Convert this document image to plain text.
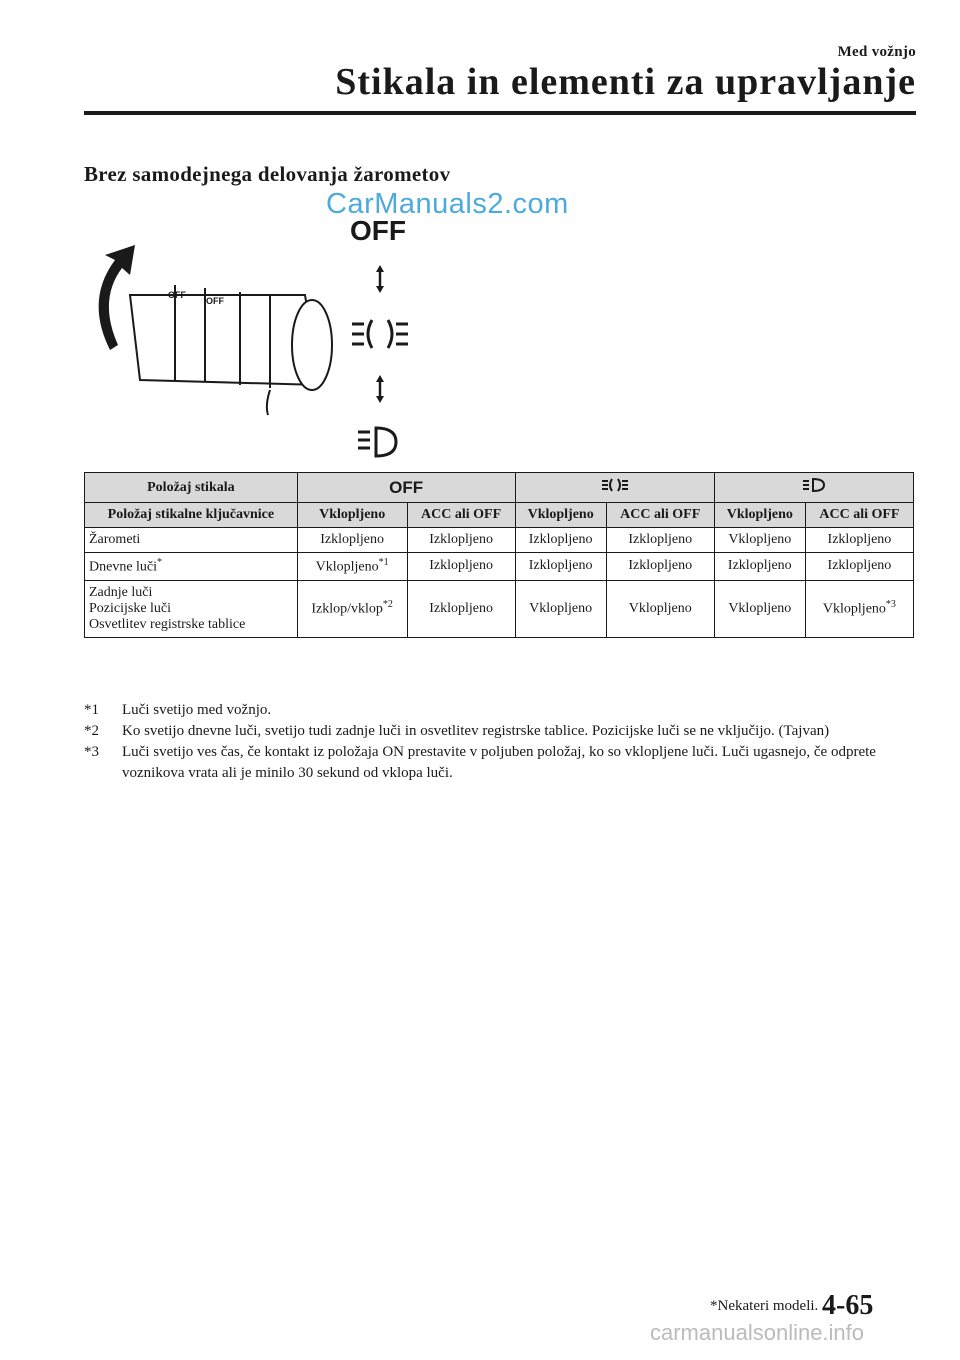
Med vožnjo
Stikala in elementi za upravljanje
Brez samodejnega delovanja žarometov
CarManuals2.com
OFF
OFF
OFF
Položaj stikala	OFF		
Položaj stikalne ključavnice	Vklopljeno	ACC ali OFF	Vklopljeno	ACC ali OFF	Vklopljeno	ACC ali OFF
Žarometi	Izklopljeno	Izklopljeno	Izklopljeno	Izklopljeno	Vklopljeno	Izklopljeno
Dnevne luči*	Vklopljeno$^{*1}$	Izklopljeno	Izklopljeno	Izklopljeno	Izklopljeno	Izklopljeno

Zadnje luči
Pozicijske luči
Osvetlitev registrske tablice	Izklop/vklop$^{*2}$	Izklopljeno	Vklopljeno	Vklopljeno	Vklopljeno	Vklopljeno$^{*3}$
*1	Luči svetijo med vožnjo.
*2	Ko svetijo dnevne luči, svetijo tudi zadnje luči in osvetlitev registrske tablice. Pozicijske luči se ne vključijo. (Tajvan)
*3	Luči svetijo ves čas, če kontakt iz položaja ON prestavite v poljuben položaj, ko so vklopljene luči. Luči ugasnejo, če odprete voznikova vrata ali je minilo 30 sekund od vklopa luči.
*Nekateri modeli. 4-65
carmanualsonline.info
